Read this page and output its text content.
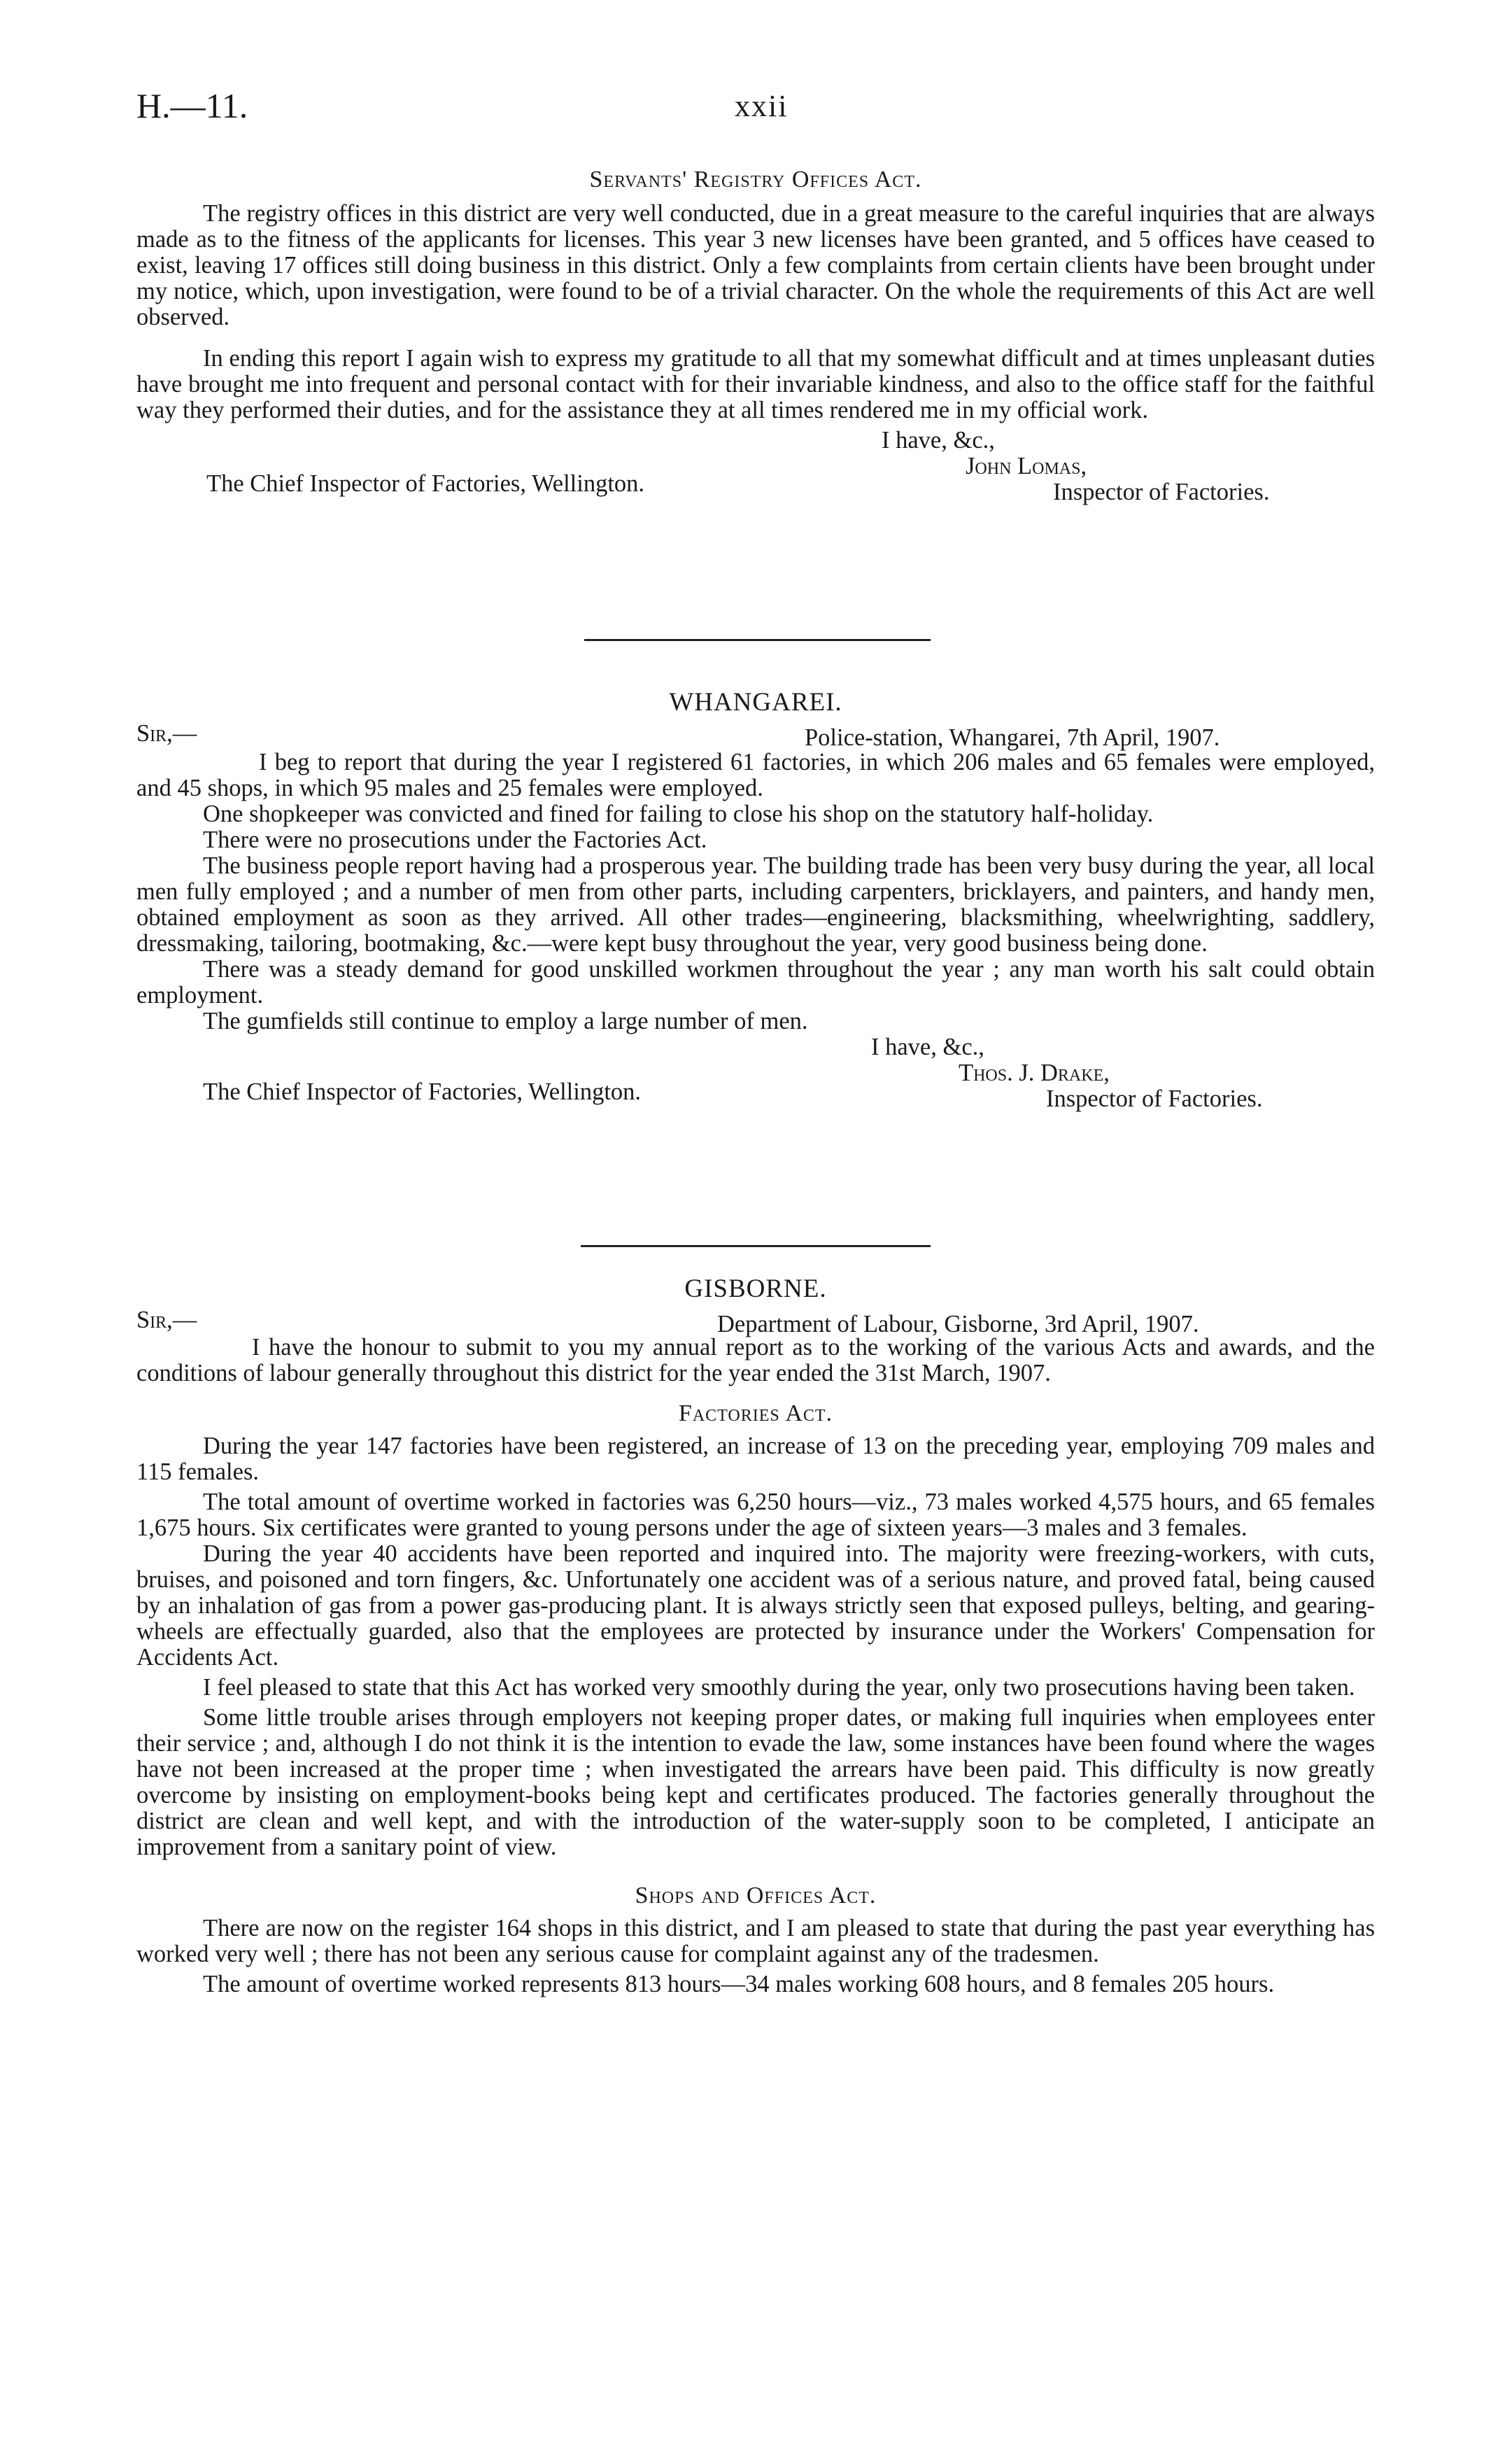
H.—11.	xxii
Servants' Registry Offices Act.

The registry offices in this district are very well conducted, due in a great measure to the careful inquiries that are always made as to the fitness of the applicants for licenses. This year 3 new licenses have been granted, and 5 offices have ceased to exist, leaving 17 offices still doing business in this district. Only a few complaints from certain clients have been brought under my notice, which, upon investigation, were found to be of a trivial character. On the whole the requirements of this Act are well observed.

In ending this report I again wish to express my gratitude to all that my somewhat difficult and at times unpleasant duties have brought me into frequent and personal contact with for their invariable kindness, and also to the office staff for the faithful way they performed their duties, and for the assistance they at all times rendered me in my official work.

I have, &c.,
John Lomas,
The Chief Inspector of Factories, Wellington.	Inspector of Factories.
WHANGAREI.
Sir,—	Police-station, Whangarei, 7th April, 1907.

I beg to report that during the year I registered 61 factories, in which 206 males and 65 females were employed, and 45 shops, in which 95 males and 25 females were employed.

One shopkeeper was convicted and fined for failing to close his shop on the statutory half-holiday.

There were no prosecutions under the Factories Act.

The business people report having had a prosperous year. The building trade has been very busy during the year, all local men fully employed ; and a number of men from other parts, including carpenters, bricklayers, and painters, and handy men, obtained employment as soon as they arrived. All other trades—engineering, blacksmithing, wheelwrighting, saddlery, dressmaking, tailoring, bootmaking, &c.—were kept busy throughout the year, very good business being done.

There was a steady demand for good unskilled workmen throughout the year ; any man worth his salt could obtain employment.

The gumfields still continue to employ a large number of men.

I have, &c.,
Thos. J. Drake,
The Chief Inspector of Factories, Wellington.	Inspector of Factories.
GISBORNE.
Sir,—	Department of Labour, Gisborne, 3rd April, 1907.

I have the honour to submit to you my annual report as to the working of the various Acts and awards, and the conditions of labour generally throughout this district for the year ended the 31st March, 1907.

Factories Act.

During the year 147 factories have been registered, an increase of 13 on the preceding year, employing 709 males and 115 females.

The total amount of overtime worked in factories was 6,250 hours—viz., 73 males worked 4,575 hours, and 65 females 1,675 hours. Six certificates were granted to young persons under the age of sixteen years—3 males and 3 females.

During the year 40 accidents have been reported and inquired into. The majority were freezing-workers, with cuts, bruises, and poisoned and torn fingers, &c. Unfortunately one accident was of a serious nature, and proved fatal, being caused by an inhalation of gas from a power gas-producing plant. It is always strictly seen that exposed pulleys, belting, and gearing-wheels are effectually guarded, also that the employees are protected by insurance under the Workers' Compensation for Accidents Act.

I feel pleased to state that this Act has worked very smoothly during the year, only two prosecutions having been taken.

Some little trouble arises through employers not keeping proper dates, or making full inquiries when employees enter their service ; and, although I do not think it is the intention to evade the law, some instances have been found where the wages have not been increased at the proper time ; when investigated the arrears have been paid. This difficulty is now greatly overcome by insisting on employment-books being kept and certificates produced. The factories generally throughout the district are clean and well kept, and with the introduction of the water-supply soon to be completed, I anticipate an improvement from a sanitary point of view.

Shops and Offices Act.

There are now on the register 164 shops in this district, and I am pleased to state that during the past year everything has worked very well ; there has not been any serious cause for complaint against any of the tradesmen.

The amount of overtime worked represents 813 hours—34 males working 608 hours, and 8 females 205 hours.
